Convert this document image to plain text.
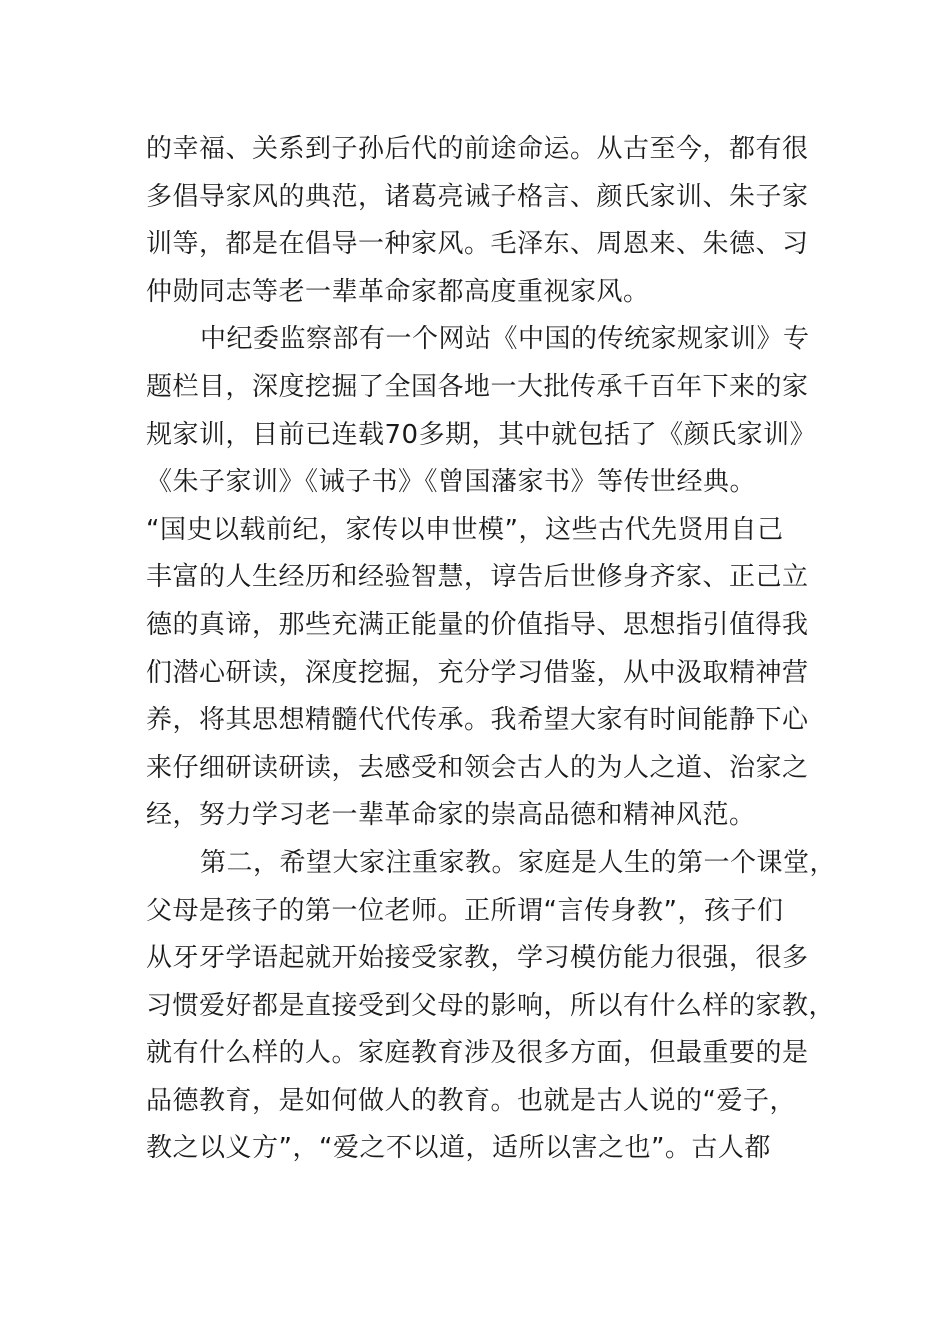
的幸福、关系到子孙后代的前途命运。从古至今，都有很
多倡导家风的典范，诸葛亮诫子格言、颜氏家训、朱子家
训等，都是在倡导一种家风。毛泽东、周恩来、朱德、习
仲勋同志等老一辈革命家都高度重视家风。
中纪委监察部有一个网站《中国的传统家规家训》专
题栏目，深度挖掘了全国各地一大批传承千百年下来的家
规家训，目前已连载70多期，其中就包括了《颜氏家训》
《朱子家训》《诫子书》《曾国藩家书》等传世经典。
“国史以载前纪，家传以申世模”，这些古代先贤用自己
丰富的人生经历和经验智慧，谆告后世修身齐家、正己立
德的真谛，那些充满正能量的价值指导、思想指引值得我
们潜心研读，深度挖掘，充分学习借鉴，从中汲取精神营
养，将其思想精髓代代传承。我希望大家有时间能静下心
来仔细研读研读，去感受和领会古人的为人之道、治家之
经，努力学习老一辈革命家的崇高品德和精神风范。
第二，希望大家注重家教。家庭是人生的第一个课堂，
父母是孩子的第一位老师。正所谓“言传身教”，孩子们
从牙牙学语起就开始接受家教，学习模仿能力很强，很多
习惯爱好都是直接受到父母的影响，所以有什么样的家教，
就有什么样的人。家庭教育涉及很多方面，但最重要的是
品德教育，是如何做人的教育。也就是古人说的“爱子，
教之以义方”，“爱之不以道，适所以害之也”。古人都
